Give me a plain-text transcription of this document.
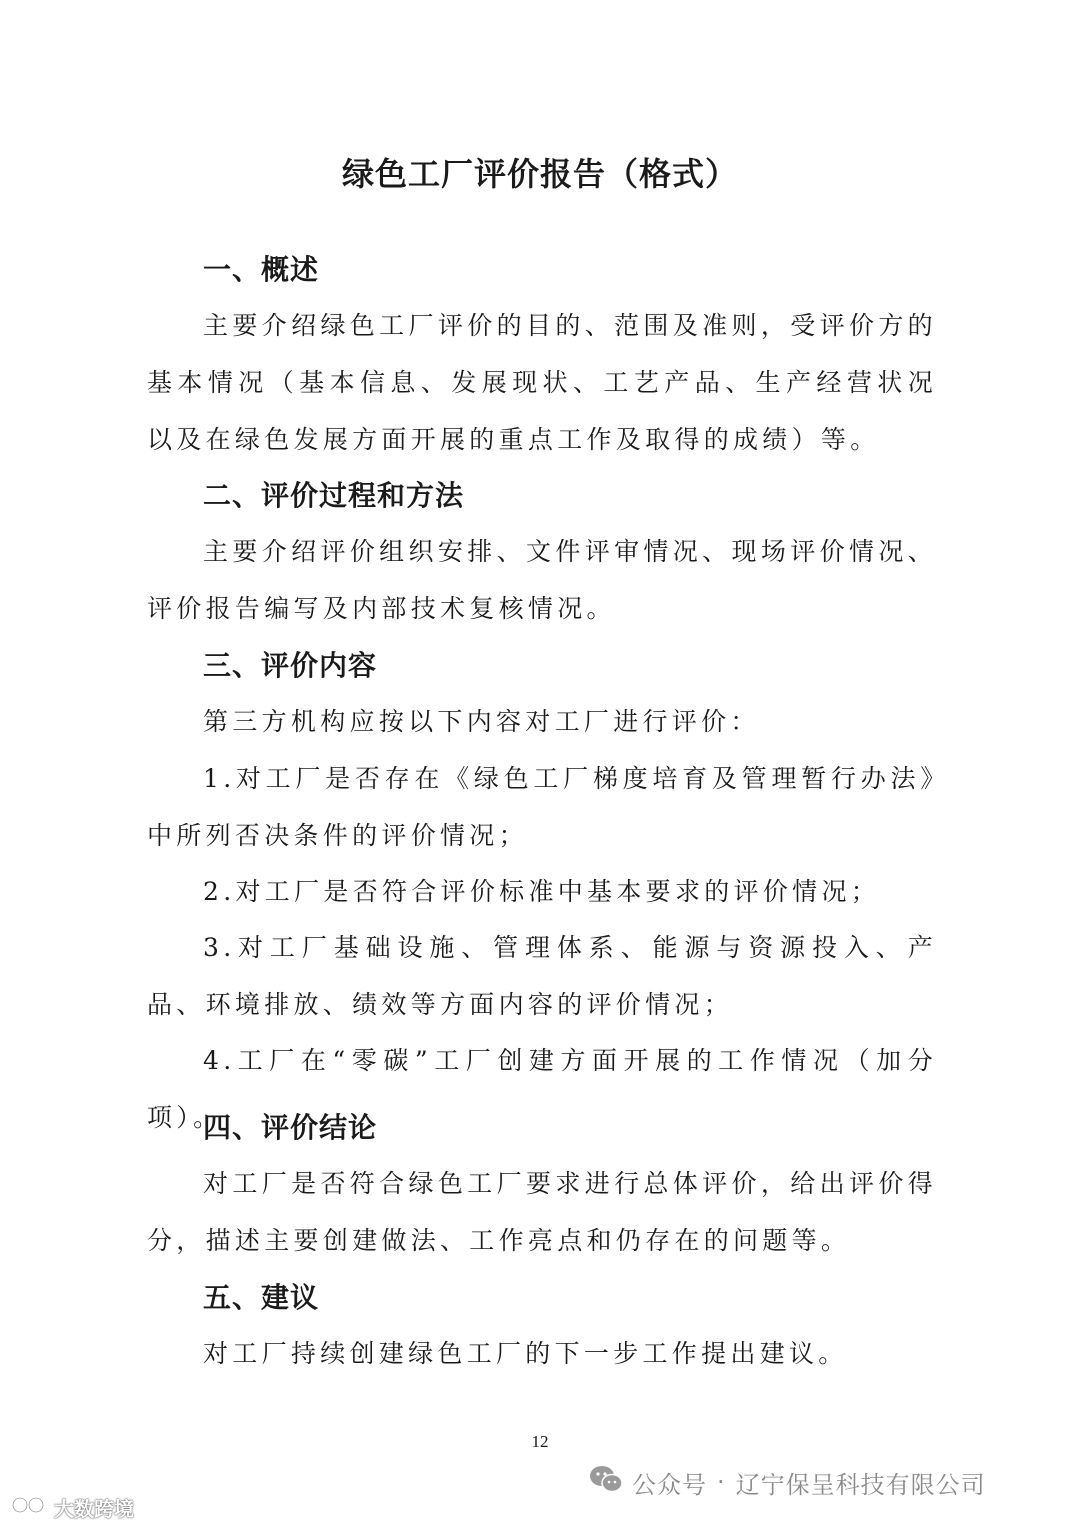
绿色工厂评价报告（格式）
一、概述

主要介绍绿色工厂评价的目的、范围及准则，受评价方的基本情况（基本信息、发展现状、工艺产品、生产经营状况以及在绿色发展方面开展的重点工作及取得的成绩）等。

二、评价过程和方法

主要介绍评价组织安排、文件评审情况、现场评价情况、评价报告编写及内部技术复核情况。

三、评价内容

第三方机构应按以下内容对工厂进行评价：

1.对工厂是否存在《绿色工厂梯度培育及管理暂行办法》中所列否决条件的评价情况；

2.对工厂是否符合评价标准中基本要求的评价情况；

3.对工厂基础设施、管理体系、能源与资源投入、产品、环境排放、绩效等方面内容的评价情况；

4.工厂在“零碳”工厂创建方面开展的工作情况（加分项）。

四、评价结论

对工厂是否符合绿色工厂要求进行总体评价，给出评价得分，描述主要创建做法、工作亮点和仍存在的问题等。

五、建议

对工厂持续创建绿色工厂的下一步工作提出建议。

12
公众号 · 辽宁保呈科技有限公司
大数跨境
